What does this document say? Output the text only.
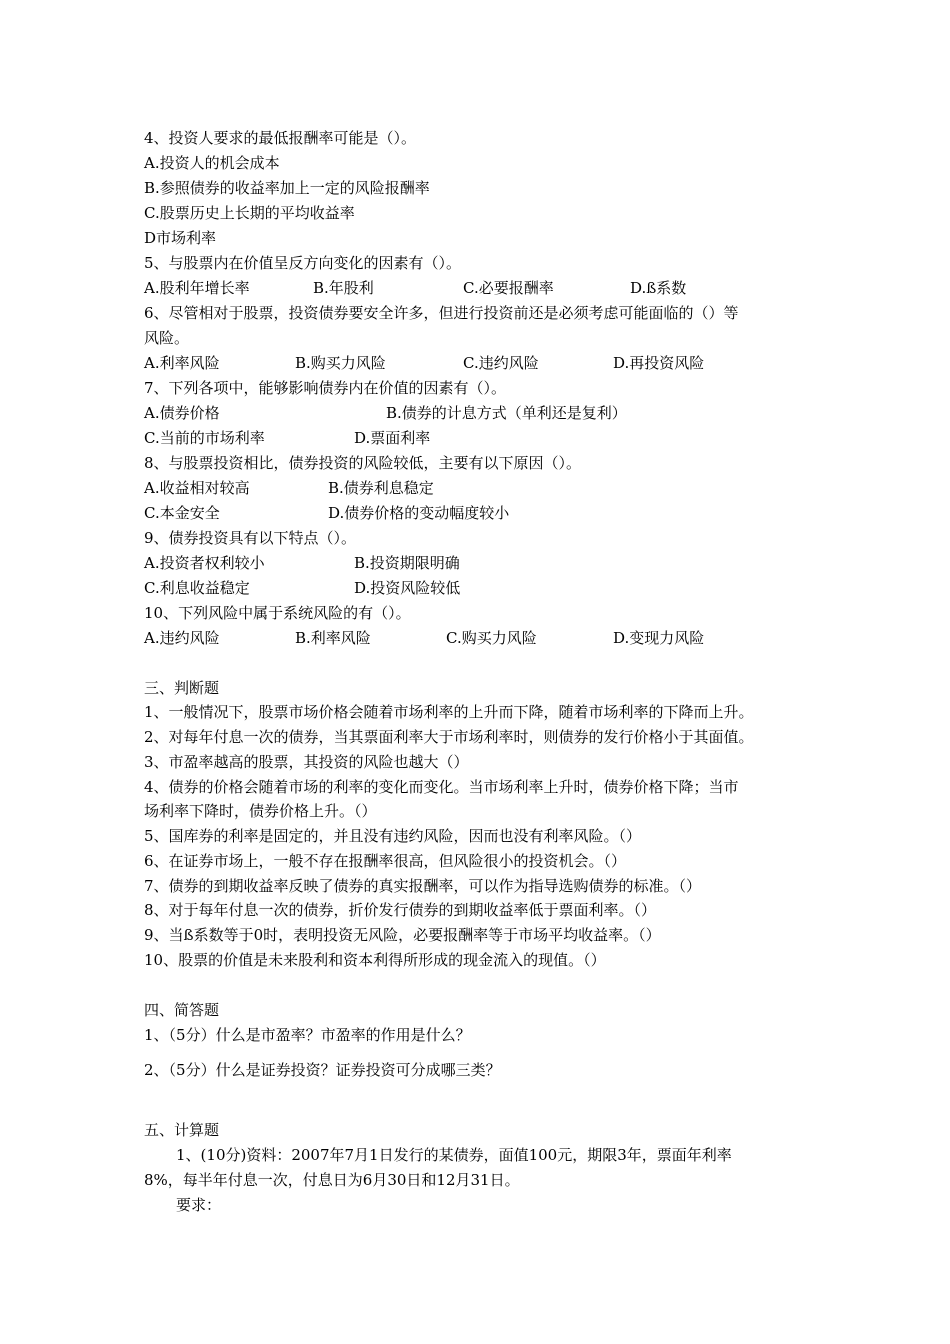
4、投资人要求的最低报酬率可能是（）。
A.投资人的机会成本
B.参照债券的收益率加上一定的风险报酬率
C.股票历史上长期的平均收益率
D市场利率
5、与股票内在价值呈反方向变化的因素有（）。
A.股利年增长率	B.年股利	C.必要报酬率	D.ß系数
6、尽管相对于股票，投资债券要安全许多，但进行投资前还是必须考虑可能面临的（）等
风险。
A.利率风险	B.购买力风险	C.违约风险	D.再投资风险
7、下列各项中，能够影响债券内在价值的因素有（）。
A.债券价格	B.债券的计息方式（单利还是复利）
C.当前的市场利率	D.票面利率
8、与股票投资相比，债券投资的风险较低，主要有以下原因（）。
A.收益相对较高	B.债券利息稳定
C.本金安全	D.债券价格的变动幅度较小
9、债券投资具有以下特点（）。
A.投资者权利较小	B.投资期限明确
C.利息收益稳定	D.投资风险较低
10、下列风险中属于系统风险的有（）。
A.违约风险	B.利率风险	C.购买力风险	D.变现力风险
三、判断题
1、一般情况下，股票市场价格会随着市场利率的上升而下降，随着市场利率的下降而上升。
2、对每年付息一次的债券，当其票面利率大于市场利率时，则债券的发行价格小于其面值。
3、市盈率越高的股票，其投资的风险也越大（）
4、债券的价格会随着市场的利率的变化而变化。当市场利率上升时，债券价格下降；当市
场利率下降时，债券价格上升。（）
5、国库券的利率是固定的，并且没有违约风险，因而也没有利率风险。（）
6、在证券市场上，一般不存在报酬率很高，但风险很小的投资机会。（）
7、债券的到期收益率反映了债券的真实报酬率，可以作为指导选购债券的标准。（）
8、对于每年付息一次的债券，折价发行债券的到期收益率低于票面利率。（）
9、当ß系数等于0时，表明投资无风险，必要报酬率等于市场平均收益率。（）
10、股票的价值是未来股利和资本利得所形成的现金流入的现值。（）
四、简答题
1、（5分）什么是市盈率？市盈率的作用是什么？
2、（5分）什么是证券投资？证券投资可分成哪三类？
五、计算题
1、(10分)资料：2007年7月1日发行的某债券，面值100元，期限3年，票面年利率
8%，每半年付息一次，付息日为6月30日和12月31日。
要求：
